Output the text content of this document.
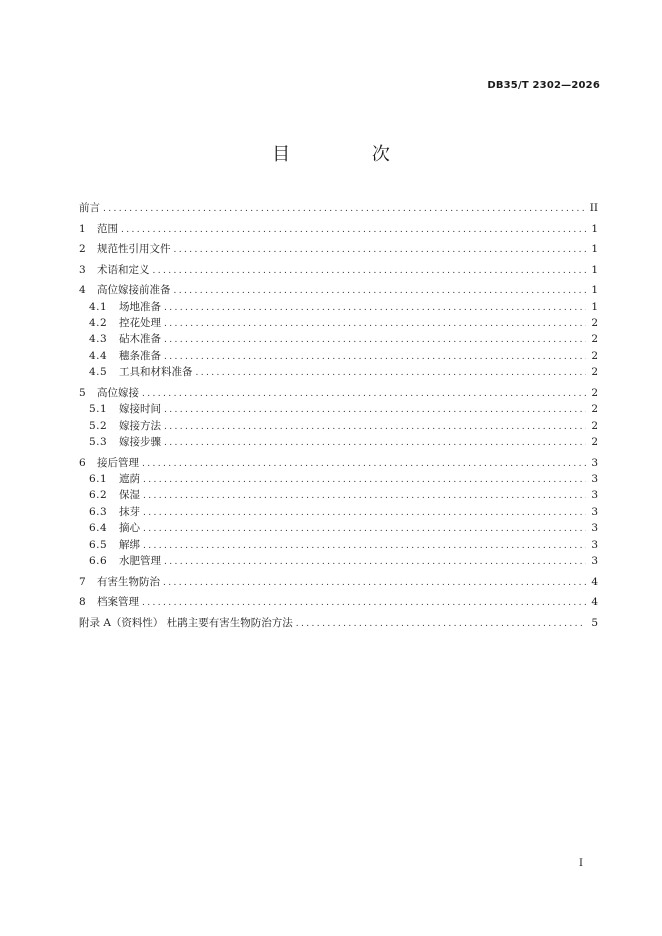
DB35/T 2302—2026
目 次
前言 .....	II
1	范围 .....	1
2	规范性引用文件 .....	1
3	术语和定义 .....	1
4	高位嫁接前准备 .....	1
4.1	场地准备 .....	1
4.2	控花处理 .....	2
4.3	砧木准备 .....	2
4.4	穗条准备 .....	2
4.5	工具和材料准备 .....	2
5	高位嫁接 .....	2
5.1	嫁接时间 .....	2
5.2	嫁接方法 .....	2
5.3	嫁接步骤 .....	2
6	接后管理 .....	3
6.1	遮荫 .....	3
6.2	保湿 .....	3
6.3	抹芽 .....	3
6.4	摘心 .....	3
6.5	解绑 .....	3
6.6	水肥管理 .....	3
7	有害生物防治 .....	4
8	档案管理 .....	4
附录 A（资料性） 杜鹃主要有害生物防治方法 .....	5
I
